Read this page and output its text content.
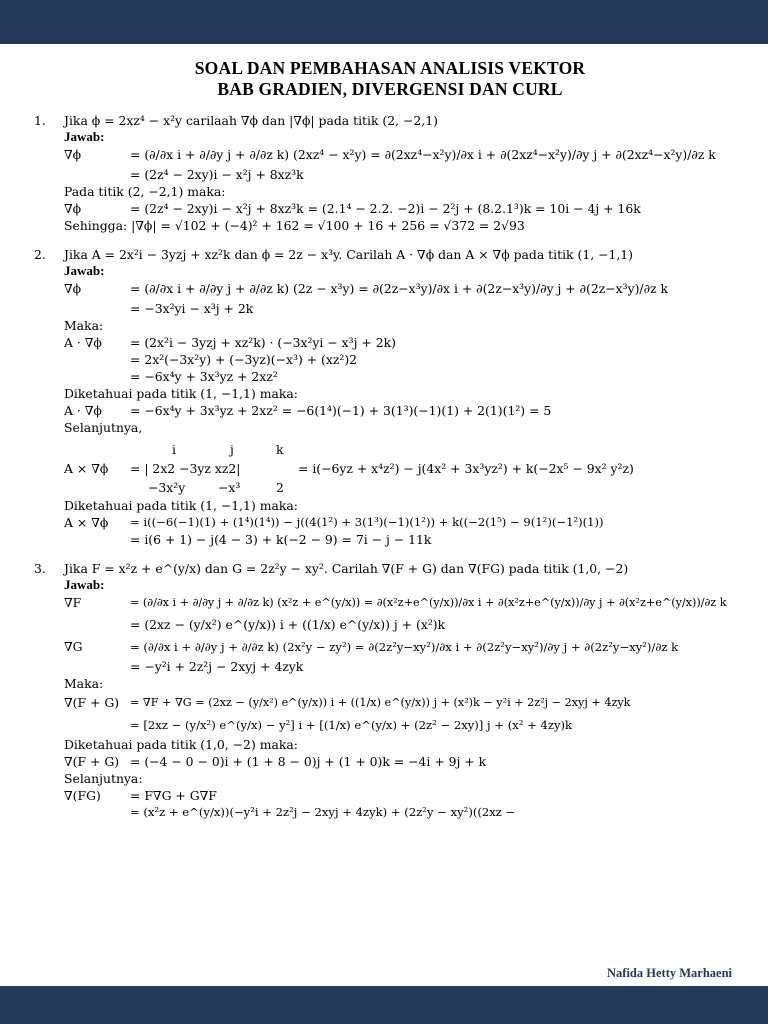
SOAL DAN PEMBAHASAN ANALISIS VEKTOR
BAB GRADIEN, DIVERGENSI DAN CURL
1.	Jika ϕ = 2xz⁴ − x²y carilaah ∇ϕ dan |∇ϕ| pada titik (2, −2,1)
Jawab:
∇ϕ	= (∂/∂x i + ∂/∂y j + ∂/∂z k) (2xz⁴ − x²y) = ∂(2xz⁴−x²y)/∂x i + ∂(2xz⁴−x²y)/∂y j + ∂(2xz⁴−x²y)/∂z k
= (2z⁴ − 2xy)i − x²j + 8xz³k
Pada titik (2, −2,1) maka:
∇ϕ	= (2z⁴ − 2xy)i − x²j + 8xz³k = (2.1⁴ − 2.2. −2)i − 2²j + (8.2.1³)k = 10i − 4j + 16k
Sehingga: |∇ϕ| = √102 + (−4)² + 162 = √100 + 16 + 256 = √372 = 2√93
2.	Jika A = 2x²i − 3yzj + xz²k dan ϕ = 2z − x³y. Carilah A · ∇ϕ dan A × ∇ϕ pada titik (1, −1,1)
Jawab:
∇ϕ	= (∂/∂x i + ∂/∂y j + ∂/∂z k) (2z − x³y) = ∂(2z−x³y)/∂x i + ∂(2z−x³y)/∂y j + ∂(2z−x³y)/∂z k
= −3x²yi − x³j + 2k
Maka:
A · ∇ϕ	= (2x²i − 3yzj + xz²k) · (−3x²yi − x³j + 2k)
= 2x²(−3x²y) + (−3yz)(−x³) + (xz²)2
= −6x⁴y + 3x³yz + 2xz²
Diketahuai pada titik (1, −1,1) maka:
A · ∇ϕ	= −6x⁴y + 3x³yz + 2xz² = −6(1⁴)(−1) + 3(1³)(−1)(1) + 2(1)(1²) = 5
Selanjutnya,
i	j	k
A × ∇ϕ	= | 2x2 −3yz xz2|	= i(−6yz + x⁴z²) − j(4x² + 3x³yz²) + k(−2x⁵ − 9x² y²z)
−3x²y	−x³	2
Diketahuai pada titik (1, −1,1) maka:
A × ∇ϕ	= i((−6(−1)(1) + (1⁴)(1⁴)) − j((4(1²) + 3(1³)(−1)(1²)) + k((−2(1⁵) − 9(1²)(−1²)(1))
= i(6 + 1) − j(4 − 3) + k(−2 − 9) = 7i − j − 11k
3.	Jika F = x²z + e^(y/x) dan G = 2z²y − xy². Carilah ∇(F + G) dan ∇(FG) pada titik (1,0, −2)
Jawab:
∇F	= (∂/∂x i + ∂/∂y j + ∂/∂z k) (x²z + e^(y/x)) = ∂(x²z+e^(y/x))/∂x i + ∂(x²z+e^(y/x))/∂y j + ∂(x²z+e^(y/x))/∂z k
= (2xz − (y/x²) e^(y/x)) i + ((1/x) e^(y/x)) j + (x²)k
∇G	= (∂/∂x i + ∂/∂y j + ∂/∂z k) (2x²y − zy²) = ∂(2z²y−xy²)/∂x i + ∂(2z²y−xy²)/∂y j + ∂(2z²y−xy²)/∂z k
= −y²i + 2z²j − 2xyj + 4zyk
Maka:
∇(F + G) = ∇F + ∇G = (2xz − (y/x²) e^(y/x)) i + ((1/x) e^(y/x)) j + (x²)k − y²i + 2z²j − 2xyj + 4zyk
= [2xz − (y/x²) e^(y/x) − y²] i + [(1/x) e^(y/x) + (2z² − 2xy)] j + (x² + 4zy)k
Diketahuai pada titik (1,0, −2) maka:
∇(F + G) = (−4 − 0 − 0)i + (1 + 8 − 0)j + (1 + 0)k = −4i + 9j + k
Selanjutnya:
∇(FG)	= F∇G + G∇F
= (x²z + e^(y/x))(−y²i + 2z²j − 2xyj + 4zyk) + (2z²y − xy²)((2xz −
Nafida Hetty Marhaeni
